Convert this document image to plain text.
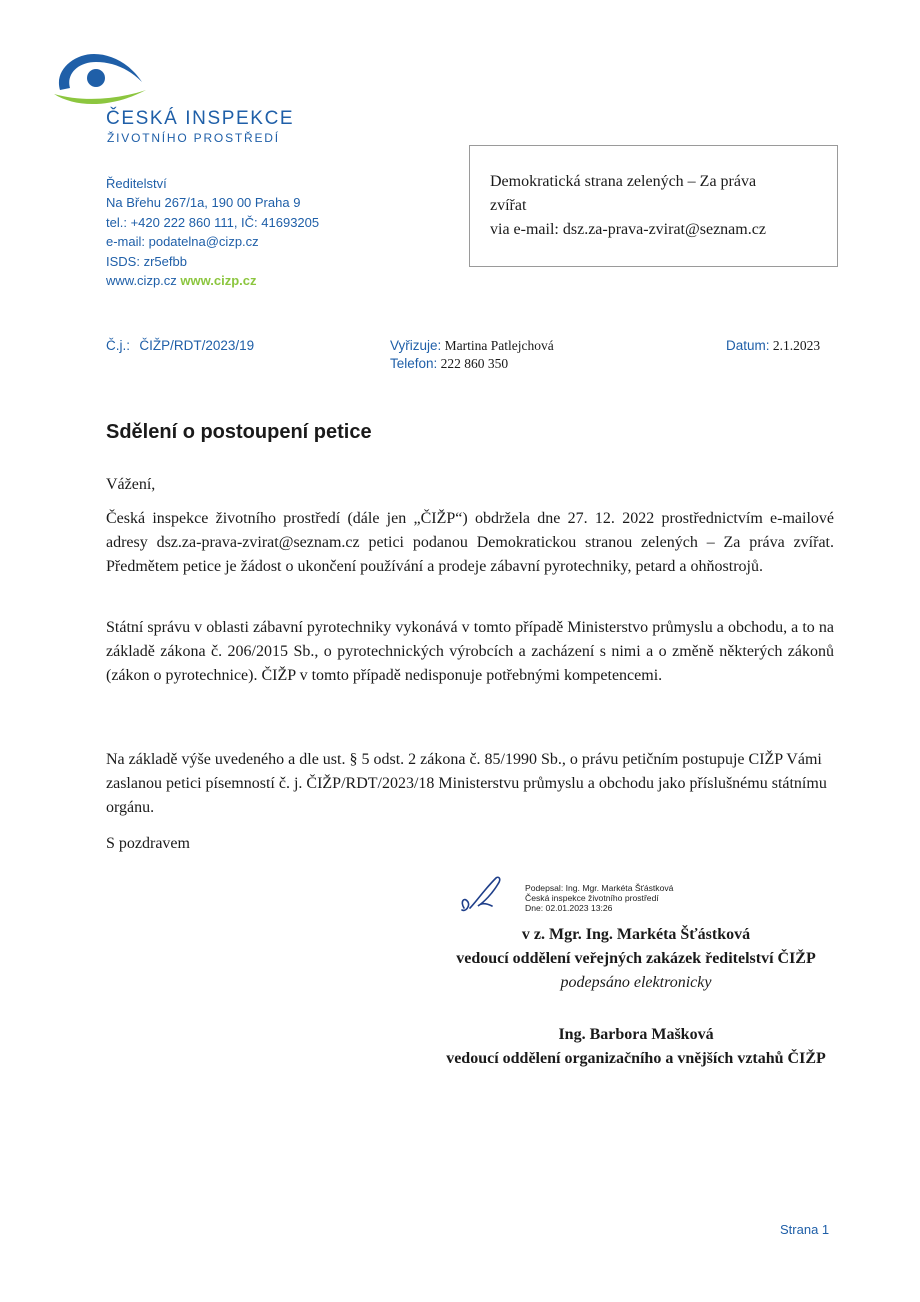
ČESKÁ INSPEKCE
ŽIVOTNÍHO PROSTŘEDÍ
Ředitelství
Na Břehu 267/1a, 190 00 Praha 9
tel.: +420 222 860 111, IČ: 41693205
e-mail: podatelna@cizp.cz
ISDS: zr5efbb
www.cizp.cz www.cizp.cz
Demokratická strana zelených – Za práva
zvířat
via e-mail: dsz.za-prava-zvirat@seznam.cz
Č.j.: ČIŽP/RDT/2023/19	Vyřizuje: Martina Patlejchová
Telefon: 222 860 350
Datum: 2.1.2023
Sdělení o postoupení petice
Vážení,
Česká inspekce životního prostředí (dále jen „ČIŽP“) obdržela dne 27. 12. 2022 prostřednictvím e-mailové adresy dsz.za-prava-zvirat@seznam.cz petici podanou Demokratickou stranou zelených – Za práva zvířat. Předmětem petice je žádost o ukončení používání a prodeje zábavní pyrotechniky, petard a ohňostrojů.
Státní správu v oblasti zábavní pyrotechniky vykonává v tomto případě Ministerstvo průmyslu a obchodu, a to na základě zákona č. 206/2015 Sb., o pyrotechnických výrobcích a zacházení s nimi a o změně některých zákonů (zákon o pyrotechnice). ČIŽP v tomto případě nedisponuje potřebnými kompetencemi.
Na základě výše uvedeného a dle ust. § 5 odst. 2 zákona č. 85/1990 Sb., o právu petičním postupuje CIŽP Vámi zaslanou petici písemností č. j. ČIŽP/RDT/2023/18 Ministerstvu průmyslu a obchodu jako příslušnému státnímu orgánu.
S pozdravem
Podepsal: Ing. Mgr. Markéta Šťástková
Česká inspekce životního prostředí
Dne: 02.01.2023 13:26
v z. Mgr. Ing. Markéta Šťástková
vedoucí oddělení veřejných zakázek ředitelství ČIŽP
podepsáno elektronicky
Ing. Barbora Mašková
vedoucí oddělení organizačního a vnějších vztahů ČIŽP
Strana 1
